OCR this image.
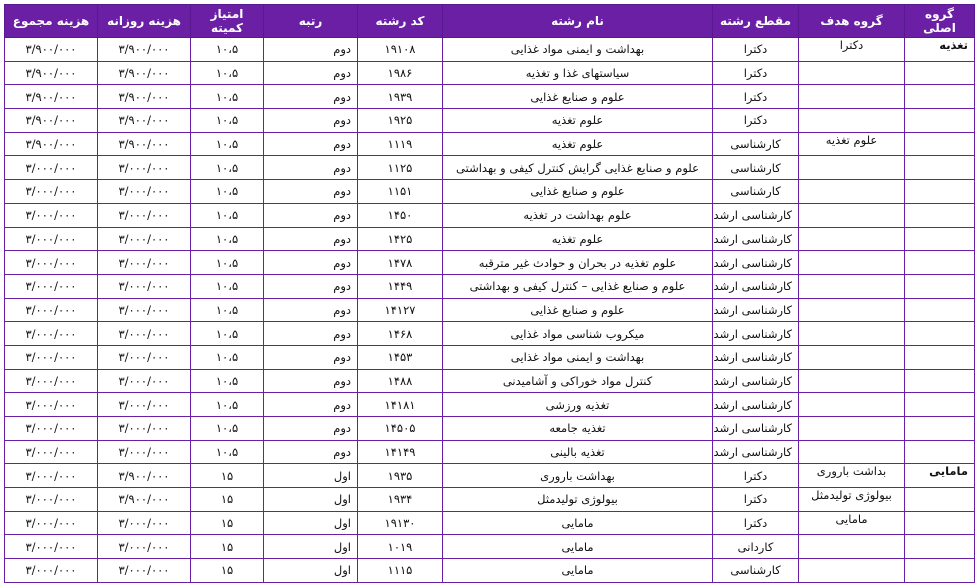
گروه اصلی	گروه هدف	مقطع رشته	نام رشته	کد رشته	رتبه	امتیاز کمیته	هزینه روزانه	هزینه مجموع
تغذیه	دکترا	دکترا	بهداشت و ایمنی مواد غذایی	۱۹۱۰۸	دوم	۱۰،۵	۳/۹۰۰/۰۰۰	۳/۹۰۰/۰۰۰
		دکترا	سیاستهای غذا و تغذیه	۱۹۸۶	دوم	۱۰،۵	۳/۹۰۰/۰۰۰	۳/۹۰۰/۰۰۰
		دکترا	علوم و صنایع غذایی	۱۹۳۹	دوم	۱۰،۵	۳/۹۰۰/۰۰۰	۳/۹۰۰/۰۰۰
		دکترا	علوم تغذیه	۱۹۲۵	دوم	۱۰،۵	۳/۹۰۰/۰۰۰	۳/۹۰۰/۰۰۰
	علوم تغذیه	کارشناسی	علوم تغذیه	۱۱۱۹	دوم	۱۰،۵	۳/۹۰۰/۰۰۰	۳/۹۰۰/۰۰۰
		کارشناسی	علوم و صنایع غذایی گرایش کنترل کیفی و بهداشتی	۱۱۲۵	دوم	۱۰،۵	۳/۰۰۰/۰۰۰	۳/۰۰۰/۰۰۰
		کارشناسی	علوم و صنایع غذایی	۱۱۵۱	دوم	۱۰،۵	۳/۰۰۰/۰۰۰	۳/۰۰۰/۰۰۰
		کارشناسی ارشد	علوم بهداشت در تغذیه	۱۴۵۰	دوم	۱۰،۵	۳/۰۰۰/۰۰۰	۳/۰۰۰/۰۰۰
		کارشناسی ارشد	علوم تغذیه	۱۴۲۵	دوم	۱۰،۵	۳/۰۰۰/۰۰۰	۳/۰۰۰/۰۰۰
		کارشناسی ارشد	علوم تغذیه در بحران و حوادث غیر مترقبه	۱۴۷۸	دوم	۱۰،۵	۳/۰۰۰/۰۰۰	۳/۰۰۰/۰۰۰
		کارشناسی ارشد	علوم و صنایع غذایی – کنترل کیفی و بهداشتی	۱۴۴۹	دوم	۱۰،۵	۳/۰۰۰/۰۰۰	۳/۰۰۰/۰۰۰
		کارشناسی ارشد	علوم و صنایع غذایی	۱۴۱۲۷	دوم	۱۰،۵	۳/۰۰۰/۰۰۰	۳/۰۰۰/۰۰۰
		کارشناسی ارشد	میکروب شناسی مواد غذایی	۱۴۶۸	دوم	۱۰،۵	۳/۰۰۰/۰۰۰	۳/۰۰۰/۰۰۰
		کارشناسی ارشد	بهداشت و ایمنی مواد غذایی	۱۴۵۳	دوم	۱۰،۵	۳/۰۰۰/۰۰۰	۳/۰۰۰/۰۰۰
		کارشناسی ارشد	کنترل مواد خوراکی و آشامیدنی	۱۴۸۸	دوم	۱۰،۵	۳/۰۰۰/۰۰۰	۳/۰۰۰/۰۰۰
		کارشناسی ارشد	تغذیه ورزشی	۱۴۱۸۱	دوم	۱۰،۵	۳/۰۰۰/۰۰۰	۳/۰۰۰/۰۰۰
		کارشناسی ارشد	تغذیه جامعه	۱۴۵۰۵	دوم	۱۰،۵	۳/۰۰۰/۰۰۰	۳/۰۰۰/۰۰۰
		کارشناسی ارشد	تغذیه بالینی	۱۴۱۴۹	دوم	۱۰،۵	۳/۰۰۰/۰۰۰	۳/۰۰۰/۰۰۰
مامایی	بداشت باروری	دکترا	بهداشت باروری	۱۹۳۵	اول	۱۵	۳/۹۰۰/۰۰۰	۳/۰۰۰/۰۰۰
	بیولوژی تولیدمثل	دکترا	بیولوژی تولیدمثل	۱۹۳۴	اول	۱۵	۳/۹۰۰/۰۰۰	۳/۰۰۰/۰۰۰
	مامایی	دکترا	مامایی	۱۹۱۳۰	اول	۱۵	۳/۰۰۰/۰۰۰	۳/۰۰۰/۰۰۰
		کاردانی	مامایی	۱۰۱۹	اول	۱۵	۳/۰۰۰/۰۰۰	۳/۰۰۰/۰۰۰
		کارشناسی	مامایی	۱۱۱۵	اول	۱۵	۳/۰۰۰/۰۰۰	۳/۰۰۰/۰۰۰
